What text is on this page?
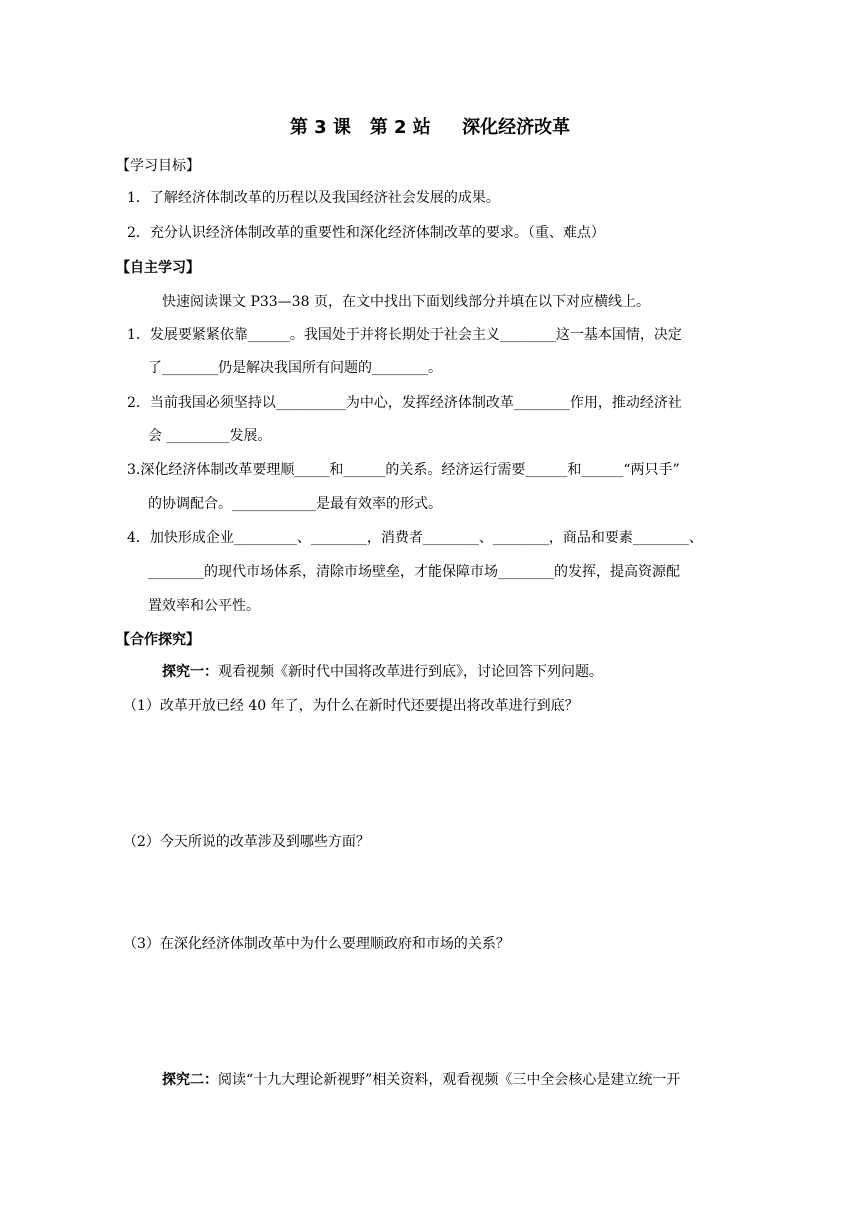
第 3 课   第 2 站     深化经济改革
【学习目标】
1．了解经济体制改革的历程以及我国经济社会发展的成果。
2．充分认识经济体制改革的重要性和深化经济体制改革的要求。（重、难点）
【自主学习】
快速阅读课文 P33—38 页，在文中找出下面划线部分并填在以下对应横线上。
1．发展要紧紧依靠______。我国处于并将长期处于社会主义________这一基本国情，决定
了________仍是解决我国所有问题的________。
2．当前我国必须坚持以__________为中心，发挥经济体制改革________作用，推动经济社
会 _________发展。
3.深化经济体制改革要理顺_____和______的关系。经济运行需要______和______“两只手”
的协调配合。____________是最有效率的形式。
4．加快形成企业_________、________，消费者________、________，商品和要素________、
________的现代市场体系，清除市场壁垒，才能保障市场________的发挥，提高资源配
置效率和公平性。
【合作探究】
探究一：观看视频《新时代中国将改革进行到底》，讨论回答下列问题。
（1）改革开放已经 40 年了，为什么在新时代还要提出将改革进行到底？
（2）今天所说的改革涉及到哪些方面？
（3）在深化经济体制改革中为什么要理顺政府和市场的关系？
探究二：阅读“十九大理论新视野”相关资料，观看视频《三中全会核心是建立统一开
